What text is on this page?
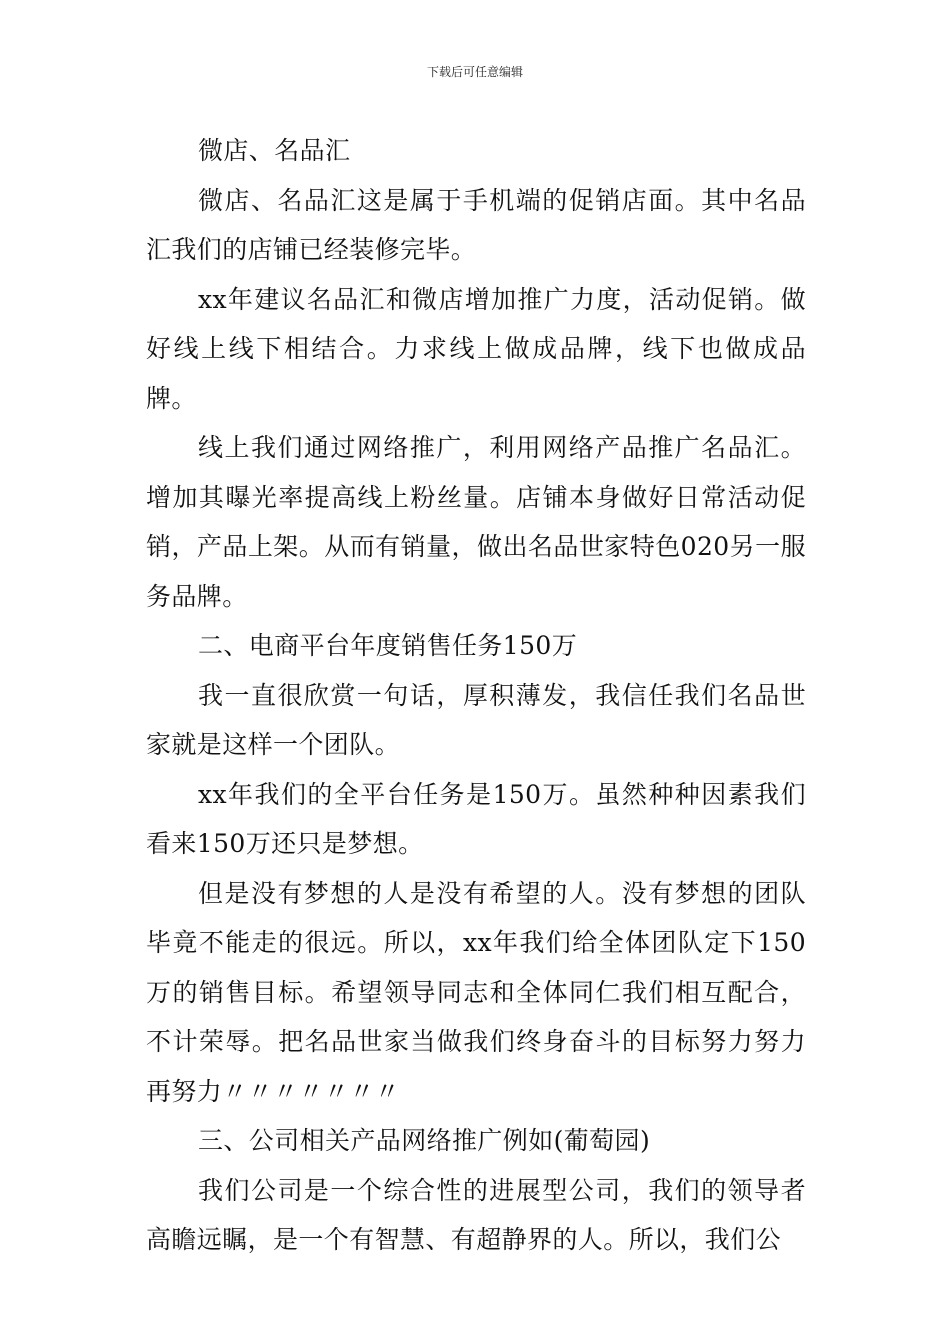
下载后可任意编辑

微店、名品汇

微店、名品汇这是属于手机端的促销店面。其中名品汇我们的店铺已经装修完毕。

xx年建议名品汇和微店增加推广力度，活动促销。做好线上线下相结合。力求线上做成品牌，线下也做成品牌。

线上我们通过网络推广，利用网络产品推广名品汇。增加其曝光率提高线上粉丝量。店铺本身做好日常活动促销，产品上架。从而有销量，做出名品世家特色020另一服务品牌。

二、电商平台年度销售任务150万

我一直很欣赏一句话，厚积薄发，我信任我们名品世家就是这样一个团队。

xx年我们的全平台任务是150万。虽然种种因素我们看来150万还只是梦想。

但是没有梦想的人是没有希望的人。没有梦想的团队毕竟不能走的很远。所以，xx年我们给全体团队定下150万的销售目标。希望领导同志和全体同仁我们相互配合，不计荣辱。把名品世家当做我们终身奋斗的目标努力努力再努力〃〃〃〃〃〃〃

三、公司相关产品网络推广例如(葡萄园)

我们公司是一个综合性的进展型公司，我们的领导者高瞻远瞩，是一个有智慧、有超静界的人。所以，我们公
